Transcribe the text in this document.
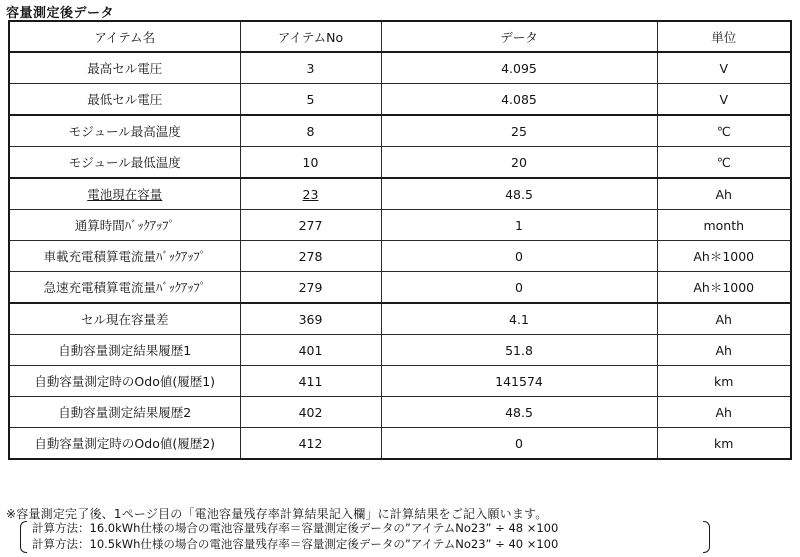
容量測定後データ
アイテム名	アイテムNo	データ	単位
最高セル電圧	3	4.095	V
最低セル電圧	5	4.085	V
モジュール最高温度	8	25	℃
モジュール最低温度	10	20	℃
電池現在容量	23	48.5	Ah
通算時間ﾊﾞｯｸｱｯﾌﾟ	277	1	month
車載充電積算電流量ﾊﾞｯｸｱｯﾌﾟ	278	0	Ah＊1000
急速充電積算電流量ﾊﾞｯｸｱｯﾌﾟ	279	0	Ah＊1000
セル現在容量差	369	4.1	Ah
自動容量測定結果履歴1	401	51.8	Ah
自動容量測定時のOdo値(履歴1)	411	141574	km
自動容量測定結果履歴2	402	48.5	Ah
自動容量測定時のOdo値(履歴2)	412	0	km
※容量測定完了後、1ページ目の「電池容量残存率計算結果記入欄」に計算結果をご記入願います。
計算方法：16.0kWh仕様の場合の電池容量残存率＝容量測定後データの”アイテムNo23” ÷ 48 ×100
計算方法：10.5kWh仕様の場合の電池容量残存率＝容量測定後データの”アイテムNo23” ÷ 40 ×100
